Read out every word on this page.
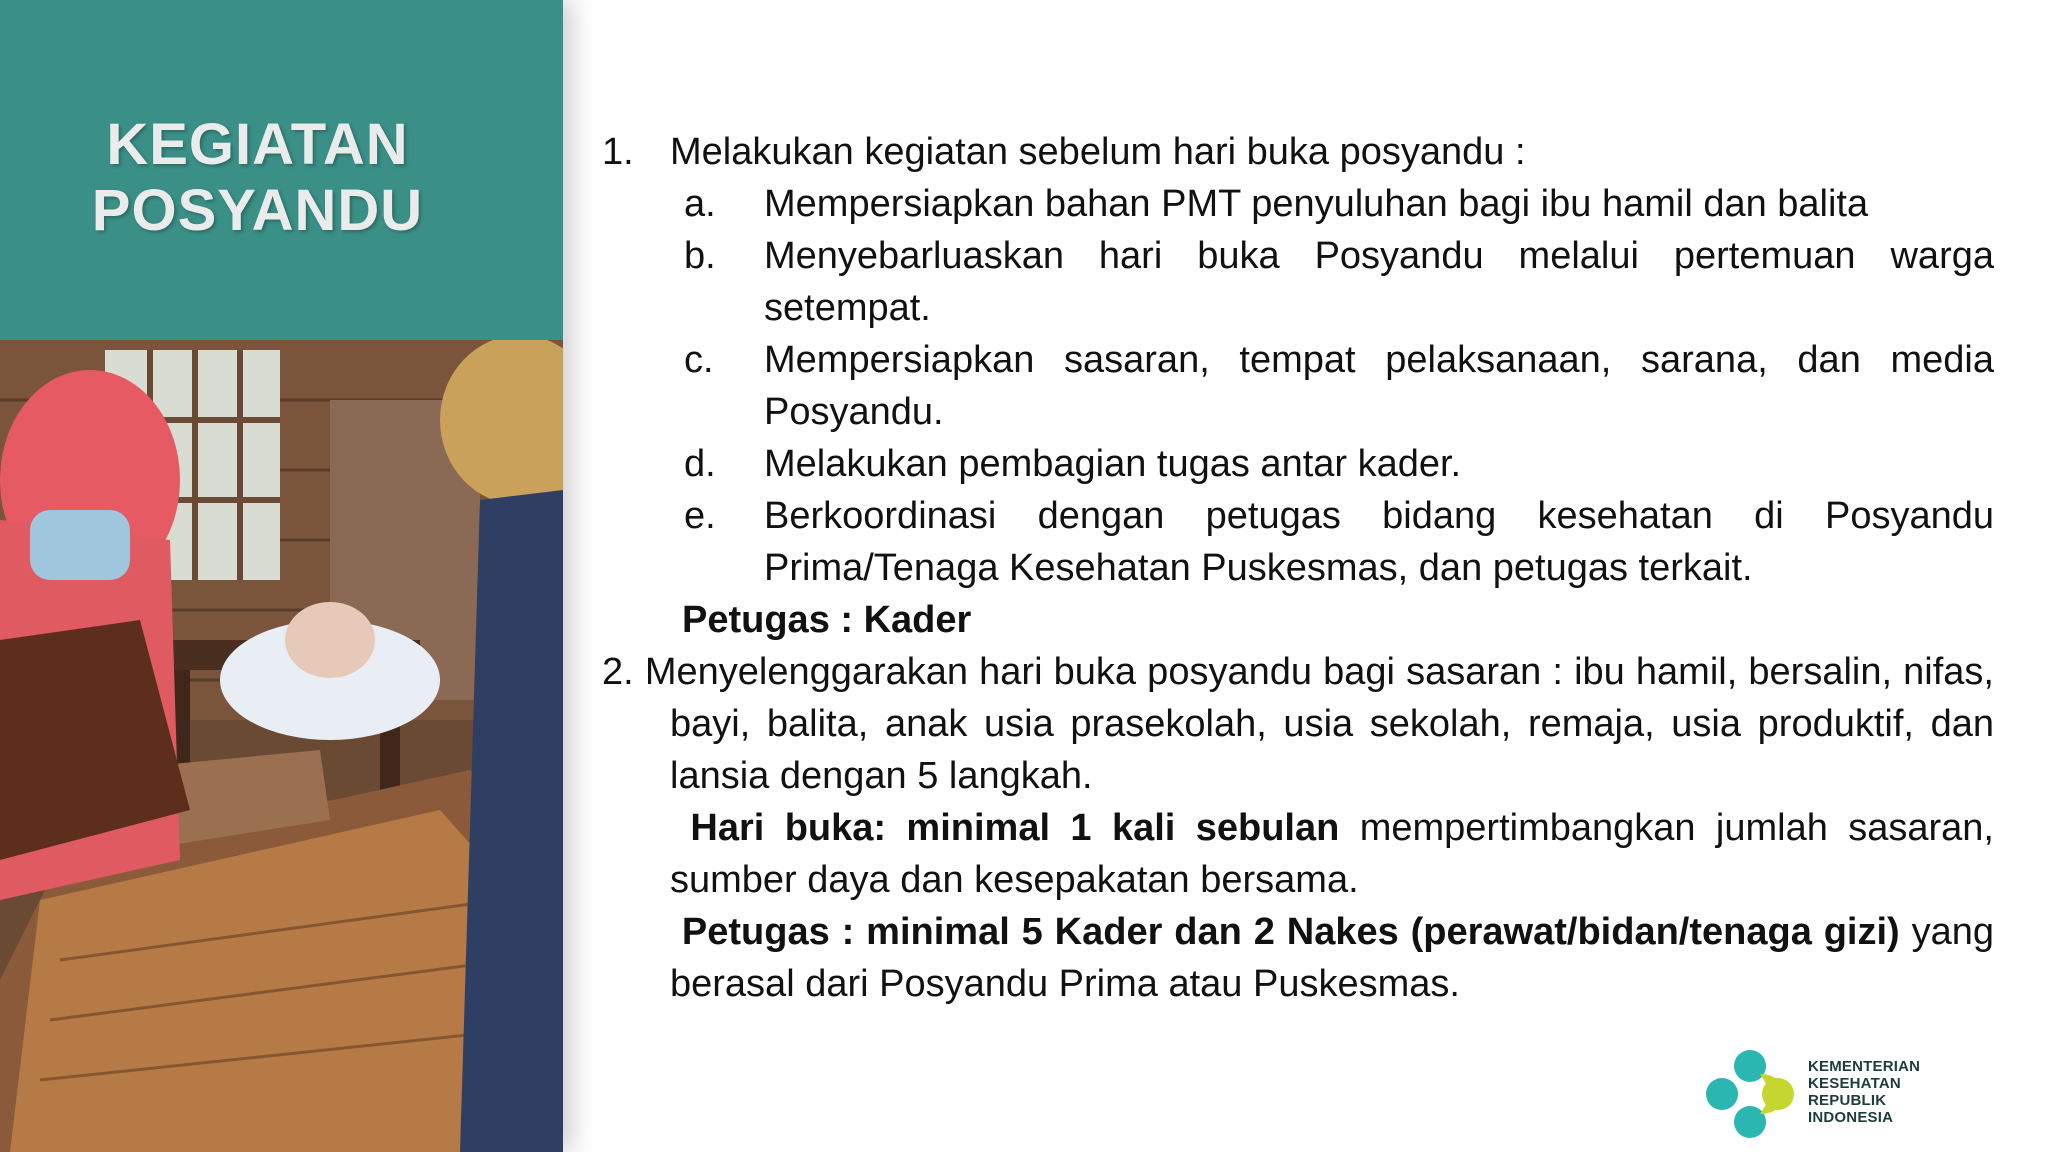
KEGIATAN
POSYANDU
1. Melakukan kegiatan sebelum hari buka posyandu :
a.	Mempersiapkan bahan PMT penyuluhan bagi ibu hamil dan balita
b.	Menyebarluaskan hari buka Posyandu melalui pertemuan warga setempat.
c.	Mempersiapkan sasaran, tempat pelaksanaan, sarana, dan media Posyandu.
d.	Melakukan pembagian tugas antar kader.
e.	Berkoordinasi dengan petugas bidang kesehatan di Posyandu Prima/Tenaga Kesehatan Puskesmas, dan petugas terkait.
Petugas : Kader
2. Menyelenggarakan hari buka posyandu bagi sasaran : ibu hamil, bersalin, nifas, bayi, balita, anak usia prasekolah, usia sekolah, remaja, usia produktif, dan lansia dengan 5 langkah.
Hari buka: minimal 1 kali sebulan mempertimbangkan jumlah sasaran, sumber daya dan kesepakatan bersama.
Petugas : minimal 5 Kader dan 2 Nakes (perawat/bidan/tenaga gizi) yang berasal dari Posyandu Prima atau Puskesmas.
KEMENTERIAN
KESEHATAN
REPUBLIK
INDONESIA
